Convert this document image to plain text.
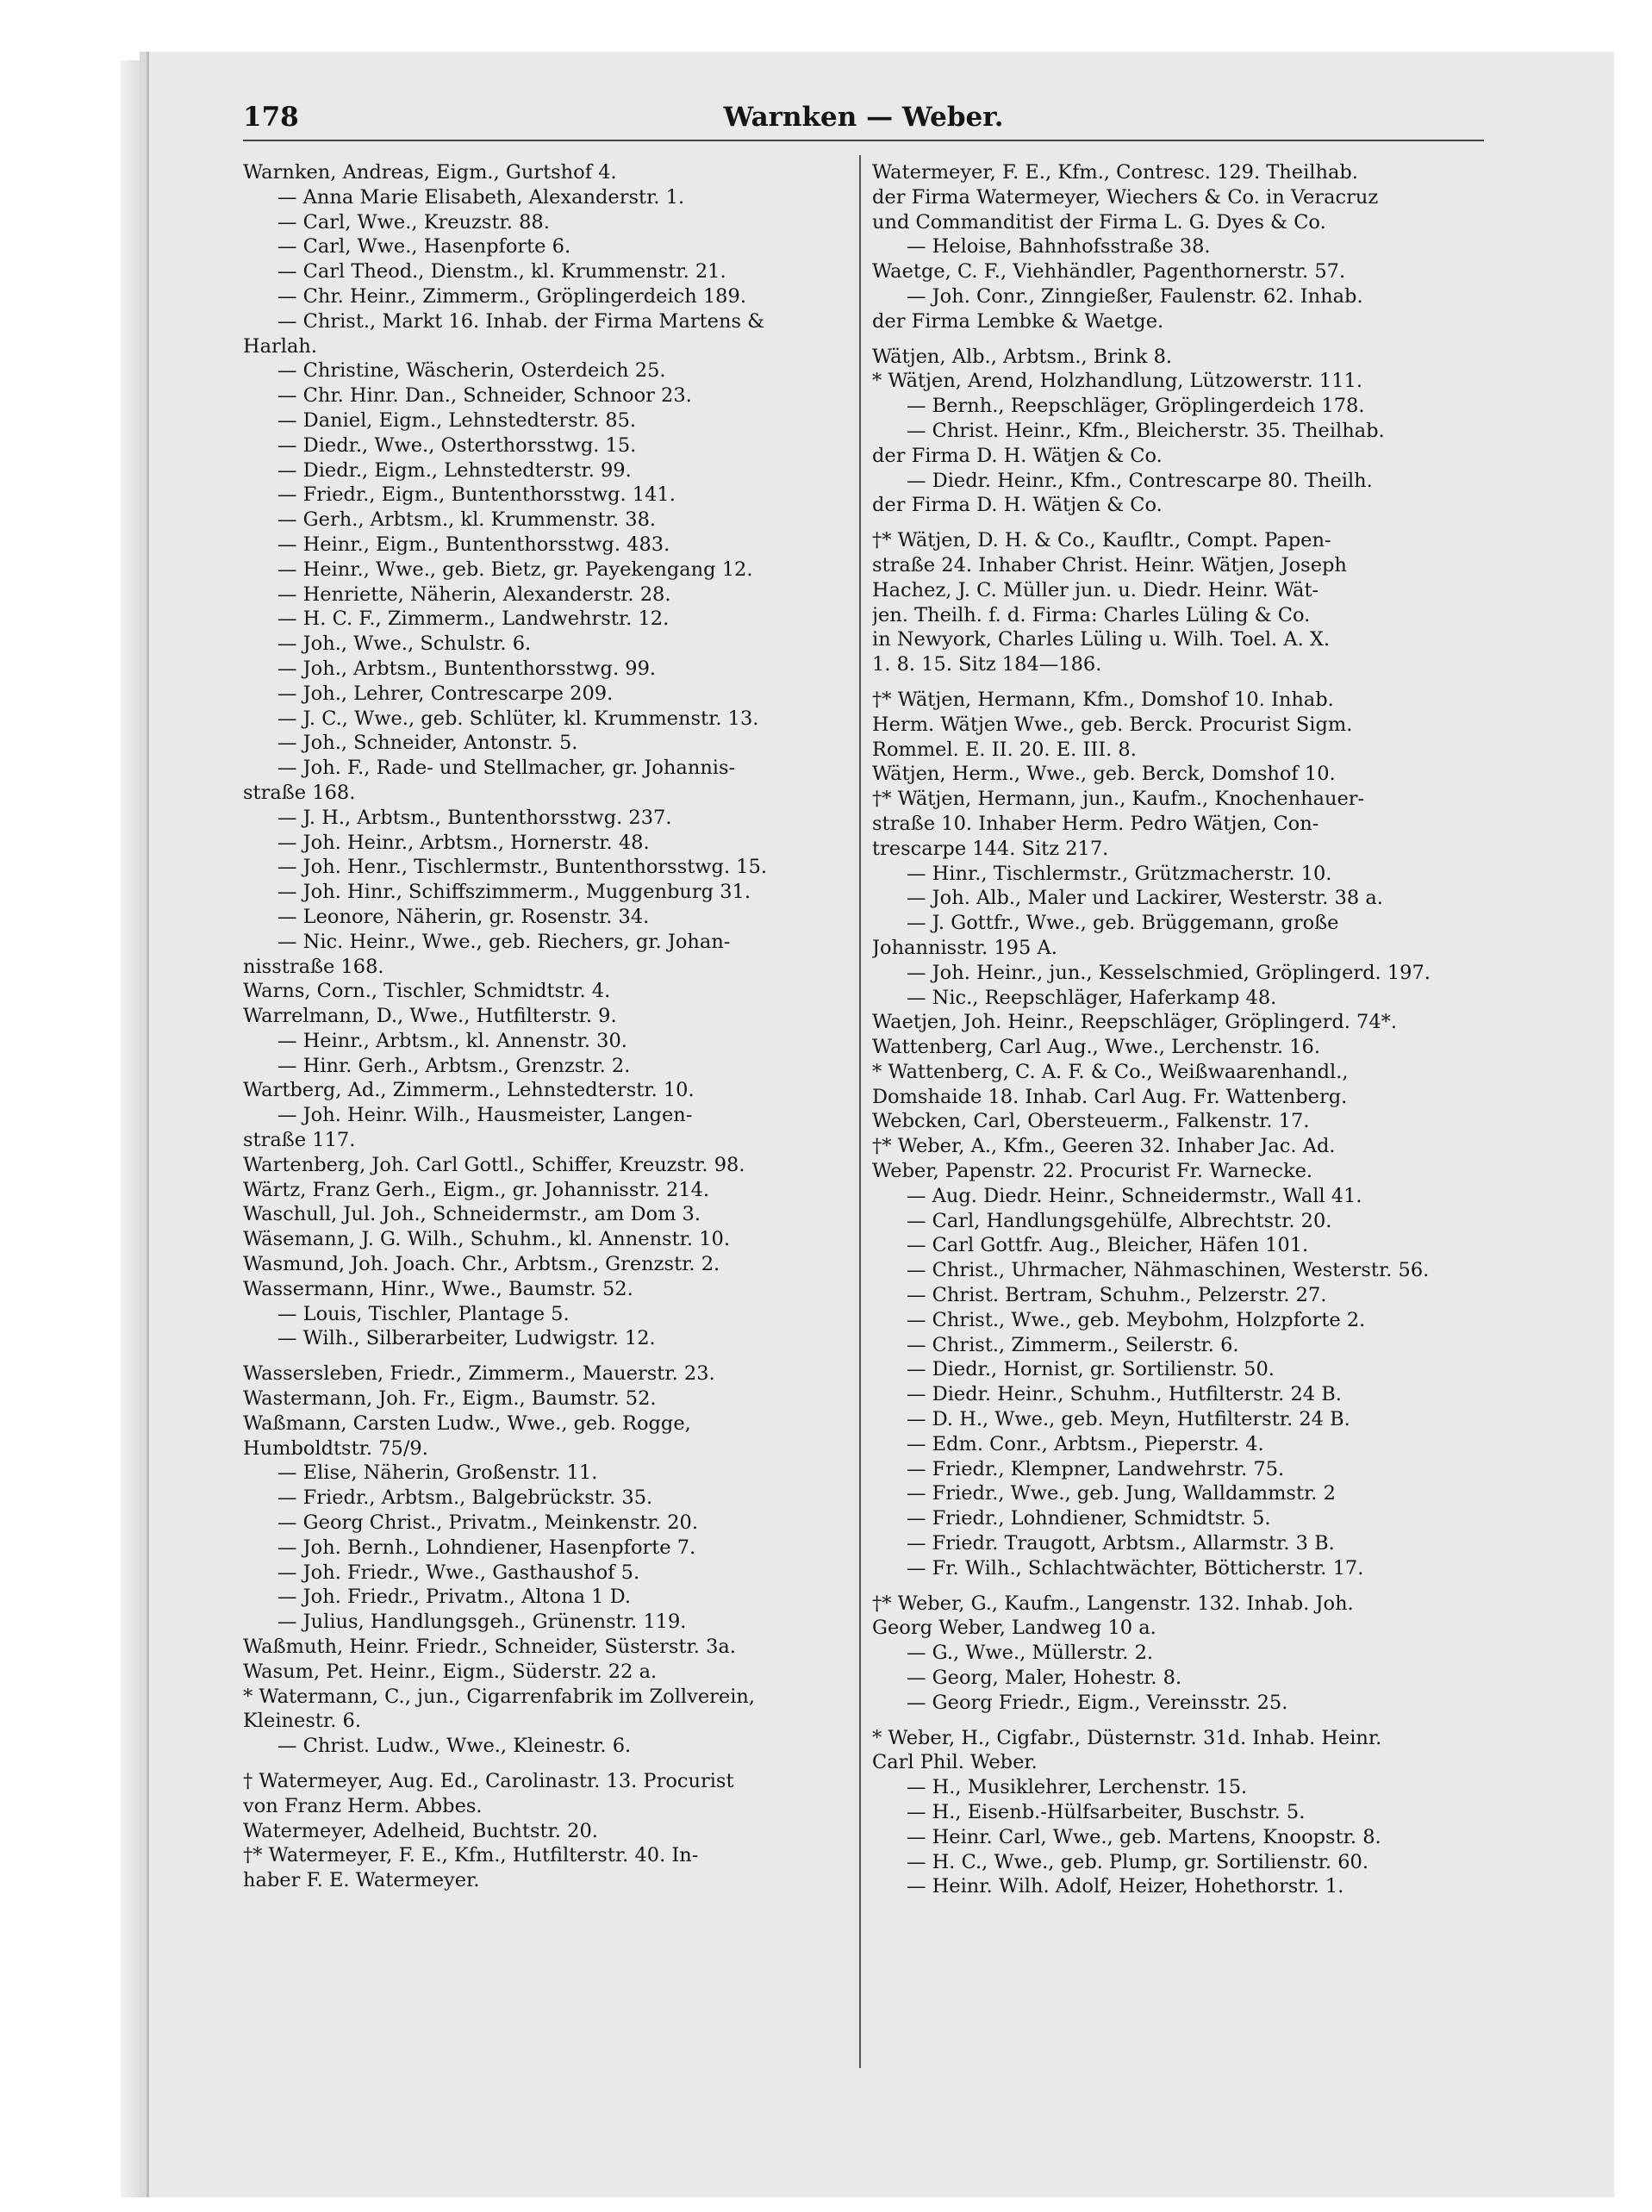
178	Warnken — Weber.
Warnken, Andreas, Eigm., Gurtshof 4.
— Anna Marie Elisabeth, Alexanderstr. 1.
— Carl, Wwe., Kreuzstr. 88.
— Carl, Wwe., Hasenpforte 6.
— Carl Theod., Dienstm., kl. Krummenstr. 21.
— Chr. Heinr., Zimmerm., Gröplingerdeich 189.
— Christ., Markt 16. Inhab. der Firma Martens &
Harlah.
— Christine, Wäscherin, Osterdeich 25.
— Chr. Hinr. Dan., Schneider, Schnoor 23.
— Daniel, Eigm., Lehnstedterstr. 85.
— Diedr., Wwe., Osterthorsstwg. 15.
— Diedr., Eigm., Lehnstedterstr. 99.
— Friedr., Eigm., Buntenthorsstwg. 141.
— Gerh., Arbtsm., kl. Krummenstr. 38.
— Heinr., Eigm., Buntenthorsstwg. 483.
— Heinr., Wwe., geb. Bietz, gr. Payekengang 12.
— Henriette, Näherin, Alexanderstr. 28.
— H. C. F., Zimmerm., Landwehrstr. 12.
— Joh., Wwe., Schulstr. 6.
— Joh., Arbtsm., Buntenthorsstwg. 99.
— Joh., Lehrer, Contrescarpe 209.
— J. C., Wwe., geb. Schlüter, kl. Krummenstr. 13.
— Joh., Schneider, Antonstr. 5.
— Joh. F., Rade- und Stellmacher, gr. Johannis-
straße 168.
— J. H., Arbtsm., Buntenthorsstwg. 237.
— Joh. Heinr., Arbtsm., Hornerstr. 48.
— Joh. Henr., Tischlermstr., Buntenthorsstwg. 15.
— Joh. Hinr., Schiffszimmerm., Muggenburg 31.
— Leonore, Näherin, gr. Rosenstr. 34.
— Nic. Heinr., Wwe., geb. Riechers, gr. Johan-
nisstraße 168.
Warns, Corn., Tischler, Schmidtstr. 4.
Warrelmann, D., Wwe., Hutfilterstr. 9.
— Heinr., Arbtsm., kl. Annenstr. 30.
— Hinr. Gerh., Arbtsm., Grenzstr. 2.
Wartberg, Ad., Zimmerm., Lehnstedterstr. 10.
— Joh. Heinr. Wilh., Hausmeister, Langen-
straße 117.
Wartenberg, Joh. Carl Gottl., Schiffer, Kreuzstr. 98.
Wärtz, Franz Gerh., Eigm., gr. Johannisstr. 214.
Waschull, Jul. Joh., Schneidermstr., am Dom 3.
Wäsemann, J. G. Wilh., Schuhm., kl. Annenstr. 10.
Wasmund, Joh. Joach. Chr., Arbtsm., Grenzstr. 2.
Wassermann, Hinr., Wwe., Baumstr. 52.
— Louis, Tischler, Plantage 5.
— Wilh., Silberarbeiter, Ludwigstr. 12.
Wassersleben, Friedr., Zimmerm., Mauerstr. 23.
Wastermann, Joh. Fr., Eigm., Baumstr. 52.
Waßmann, Carsten Ludw., Wwe., geb. Rogge,
Humboldtstr. 75/9.
— Elise, Näherin, Großenstr. 11.
— Friedr., Arbtsm., Balgebrückstr. 35.
— Georg Christ., Privatm., Meinkenstr. 20.
— Joh. Bernh., Lohndiener, Hasenpforte 7.
— Joh. Friedr., Wwe., Gasthaushof 5.
— Joh. Friedr., Privatm., Altona 1 D.
— Julius, Handlungsgeh., Grünenstr. 119.
Waßmuth, Heinr. Friedr., Schneider, Süsterstr. 3a.
Wasum, Pet. Heinr., Eigm., Süderstr. 22 a.
* Watermann, C., jun., Cigarrenfabrik im Zollverein,
Kleinestr. 6.
— Christ. Ludw., Wwe., Kleinestr. 6.
† Watermeyer, Aug. Ed., Carolinastr. 13. Procurist
von Franz Herm. Abbes.
Watermeyer, Adelheid, Buchtstr. 20.
†* Watermeyer, F. E., Kfm., Hutfilterstr. 40. In-
haber F. E. Watermeyer.
Watermeyer, F. E., Kfm., Contresc. 129. Theilhab.
der Firma Watermeyer, Wiechers & Co. in Veracruz
und Commanditist der Firma L. G. Dyes & Co.
— Heloise, Bahnhofsstraße 38.
Waetge, C. F., Viehhändler, Pagenthornerstr. 57.
— Joh. Conr., Zinngießer, Faulenstr. 62. Inhab.
der Firma Lembke & Waetge.
Wätjen, Alb., Arbtsm., Brink 8.
* Wätjen, Arend, Holzhandlung, Lützowerstr. 111.
— Bernh., Reepschläger, Gröplingerdeich 178.
— Christ. Heinr., Kfm., Bleicherstr. 35. Theilhab.
der Firma D. H. Wätjen & Co.
— Diedr. Heinr., Kfm., Contrescarpe 80. Theilh.
der Firma D. H. Wätjen & Co.
†* Wätjen, D. H. & Co., Kaufltr., Compt. Papen-
straße 24. Inhaber Christ. Heinr. Wätjen, Joseph
Hachez, J. C. Müller jun. u. Diedr. Heinr. Wät-
jen. Theilh. f. d. Firma: Charles Lüling & Co.
in Newyork, Charles Lüling u. Wilh. Toel. A. X.
1. 8. 15. Sitz 184—186.
†* Wätjen, Hermann, Kfm., Domshof 10. Inhab.
Herm. Wätjen Wwe., geb. Berck. Procurist Sigm.
Rommel. E. II. 20. E. III. 8.
Wätjen, Herm., Wwe., geb. Berck, Domshof 10.
†* Wätjen, Hermann, jun., Kaufm., Knochenhauer-
straße 10. Inhaber Herm. Pedro Wätjen, Con-
trescarpe 144. Sitz 217.
— Hinr., Tischlermstr., Grützmacherstr. 10.
— Joh. Alb., Maler und Lackirer, Westerstr. 38 a.
— J. Gottfr., Wwe., geb. Brüggemann, große
Johannisstr. 195 A.
— Joh. Heinr., jun., Kesselschmied, Gröplingerd. 197.
— Nic., Reepschläger, Haferkamp 48.
Waetjen, Joh. Heinr., Reepschläger, Gröplingerd. 74*.
Wattenberg, Carl Aug., Wwe., Lerchenstr. 16.
* Wattenberg, C. A. F. & Co., Weißwaarenhandl.,
Domshaide 18. Inhab. Carl Aug. Fr. Wattenberg.
Webcken, Carl, Obersteuerm., Falkenstr. 17.
†* Weber, A., Kfm., Geeren 32. Inhaber Jac. Ad.
Weber, Papenstr. 22. Procurist Fr. Warnecke.
— Aug. Diedr. Heinr., Schneidermstr., Wall 41.
— Carl, Handlungsgehülfe, Albrechtstr. 20.
— Carl Gottfr. Aug., Bleicher, Häfen 101.
— Christ., Uhrmacher, Nähmaschinen, Westerstr. 56.
— Christ. Bertram, Schuhm., Pelzerstr. 27.
— Christ., Wwe., geb. Meybohm, Holzpforte 2.
— Christ., Zimmerm., Seilerstr. 6.
— Diedr., Hornist, gr. Sortilienstr. 50.
— Diedr. Heinr., Schuhm., Hutfilterstr. 24 B.
— D. H., Wwe., geb. Meyn, Hutfilterstr. 24 B.
— Edm. Conr., Arbtsm., Pieperstr. 4.
— Friedr., Klempner, Landwehrstr. 75.
— Friedr., Wwe., geb. Jung, Walldammstr. 2
— Friedr., Lohndiener, Schmidtstr. 5.
— Friedr. Traugott, Arbtsm., Allarmstr. 3 B.
— Fr. Wilh., Schlachtwächter, Bötticherstr. 17.
†* Weber, G., Kaufm., Langenstr. 132. Inhab. Joh.
Georg Weber, Landweg 10 a.
— G., Wwe., Müllerstr. 2.
— Georg, Maler, Hohestr. 8.
— Georg Friedr., Eigm., Vereinsstr. 25.
* Weber, H., Cigfabr., Düsternstr. 31d. Inhab. Heinr.
Carl Phil. Weber.
— H., Musiklehrer, Lerchenstr. 15.
— H., Eisenb.-Hülfsarbeiter, Buschstr. 5.
— Heinr. Carl, Wwe., geb. Martens, Knoopstr. 8.
— H. C., Wwe., geb. Plump, gr. Sortilienstr. 60.
— Heinr. Wilh. Adolf, Heizer, Hohethorstr. 1.
